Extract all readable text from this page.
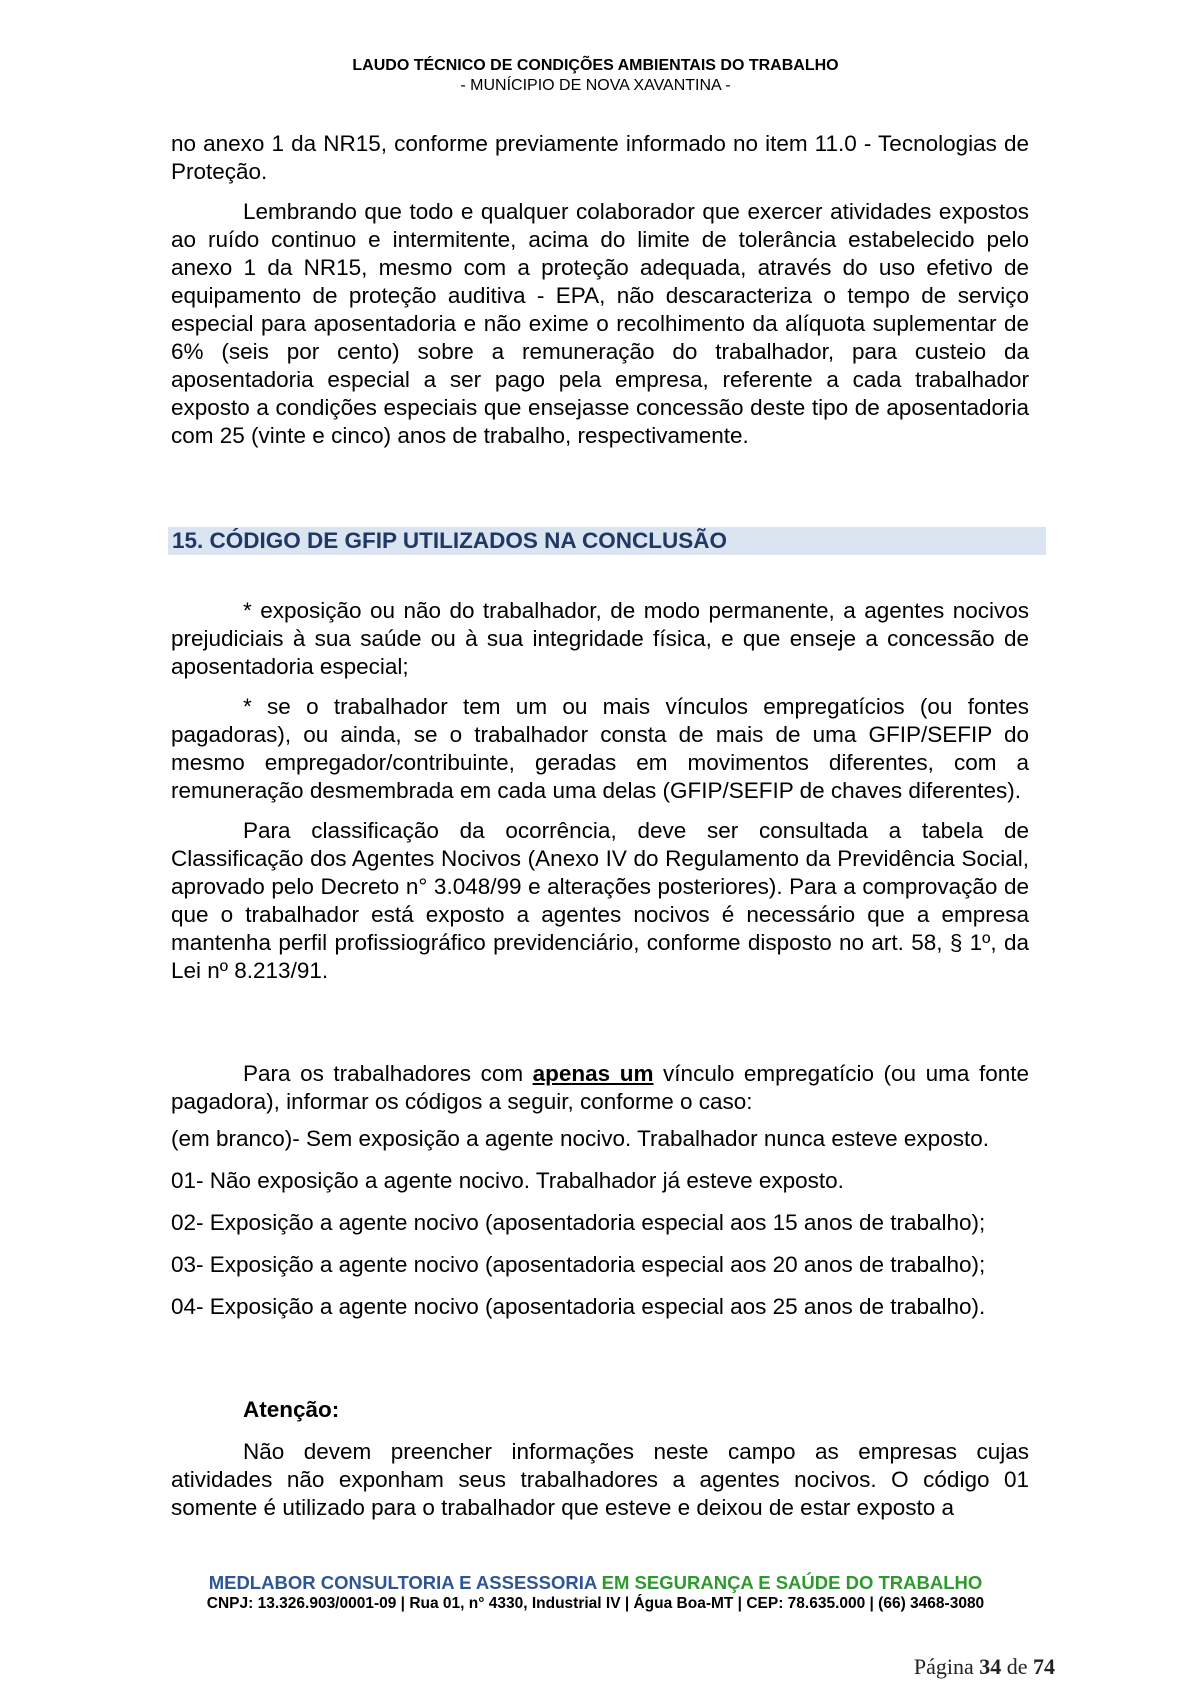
LAUDO TÉCNICO DE CONDIÇÕES AMBIENTAIS DO TRABALHO
- MUNÍCIPIO DE NOVA XAVANTINA -

no anexo 1 da NR15, conforme previamente informado no item 11.0 - Tecnologias de Proteção.

Lembrando que todo e qualquer colaborador que exercer atividades expostos ao ruído continuo e intermitente, acima do limite de tolerância estabelecido pelo anexo 1 da NR15, mesmo com a proteção adequada, através do uso efetivo de equipamento de proteção auditiva - EPA, não descaracteriza o tempo de serviço especial para aposentadoria e não exime o recolhimento da alíquota suplementar de 6% (seis por cento) sobre a remuneração do trabalhador, para custeio da aposentadoria especial a ser pago pela empresa, referente a cada trabalhador exposto a condições especiais que ensejasse concessão deste tipo de aposentadoria com 25 (vinte e cinco) anos de trabalho, respectivamente.

15. CÓDIGO DE GFIP UTILIZADOS NA CONCLUSÃO

* exposição ou não do trabalhador, de modo permanente, a agentes nocivos prejudiciais à sua saúde ou à sua integridade física, e que enseje a concessão de aposentadoria especial;

* se o trabalhador tem um ou mais vínculos empregatícios (ou fontes pagadoras), ou ainda, se o trabalhador consta de mais de uma GFIP/SEFIP do mesmo empregador/contribuinte, geradas em movimentos diferentes, com a remuneração desmembrada em cada uma delas (GFIP/SEFIP de chaves diferentes).

Para classificação da ocorrência, deve ser consultada a tabela de Classificação dos Agentes Nocivos (Anexo IV do Regulamento da Previdência Social, aprovado pelo Decreto n° 3.048/99 e alterações posteriores). Para a comprovação de que o trabalhador está exposto a agentes nocivos é necessário que a empresa mantenha perfil profissiográfico previdenciário, conforme disposto no art. 58, § 1º, da Lei nº 8.213/91.

Para os trabalhadores com apenas um vínculo empregatício (ou uma fonte pagadora), informar os códigos a seguir, conforme o caso:

(em branco)- Sem exposição a agente nocivo. Trabalhador nunca esteve exposto.

01- Não exposição a agente nocivo. Trabalhador já esteve exposto.

02- Exposição a agente nocivo (aposentadoria especial aos 15 anos de trabalho);

03- Exposição a agente nocivo (aposentadoria especial aos 20 anos de trabalho);

04- Exposição a agente nocivo (aposentadoria especial aos 25 anos de trabalho).

Atenção:

Não devem preencher informações neste campo as empresas cujas atividades não exponham seus trabalhadores a agentes nocivos. O código 01 somente é utilizado para o trabalhador que esteve e deixou de estar exposto a

MEDLABOR CONSULTORIA E ASSESSORIA EM SEGURANÇA E SAÚDE DO TRABALHO
CNPJ: 13.326.903/0001-09 | Rua 01, n° 4330, Industrial IV | Água Boa-MT | CEP: 78.635.000 | (66) 3468-3080
Página 34 de 74
